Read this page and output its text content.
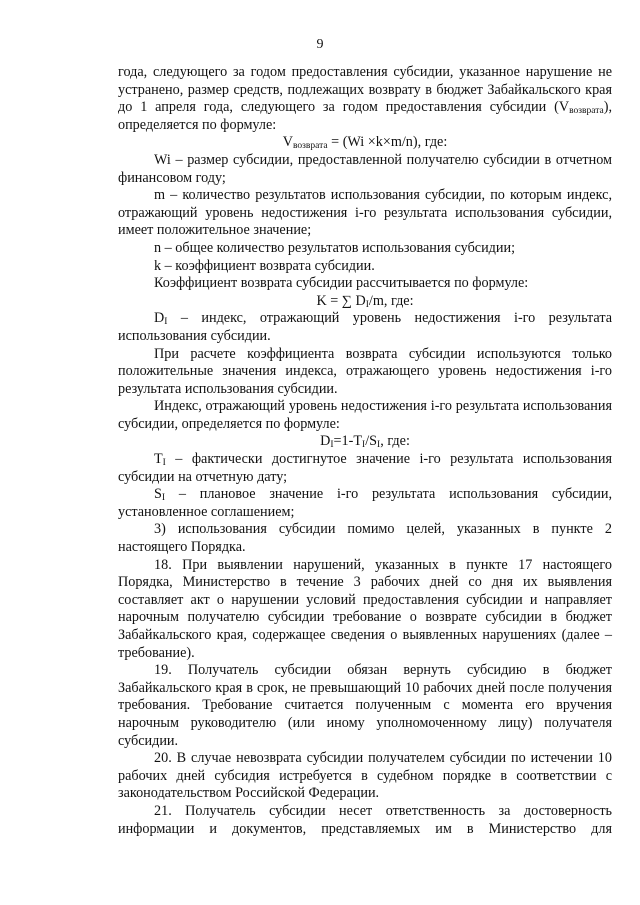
9

года, следующего за годом предоставления субсидии, указанное нарушение не устранено, размер средств, подлежащих возврату в бюджет Забайкальского края до 1 апреля года, следующего за годом предоставления субсидии $(V_{возврата})$, определяется по формуле:

$V_{возврата} = (Wi \times k\times m/n)$, где:

Wi – размер субсидии, предоставленной получателю субсидии в отчетном финансовом году;

m – количество результатов использования субсидии, по которым индекс, отражающий уровень недостижения i-го результата использования субсидии, имеет положительное значение;

n – общее количество результатов использования субсидии;

k – коэффициент возврата субсидии.

Коэффициент возврата субсидии рассчитывается по формуле:

K = ∑ $D_I/m$, где:

$D_I$ – индекс, отражающий уровень недостижения i-го результата использования субсидии.

При расчете коэффициента возврата субсидии используются только положительные значения индекса, отражающего уровень недостижения i-го результата использования субсидии.

Индекс, отражающий уровень недостижения i-го результата использования субсидии, определяется по формуле:

$D_I=1-T_I/S_I$, где:

$T_I$ – фактически достигнутое значение i-го результата использования субсидии на отчетную дату;

$S_I$ – плановое значение i-го результата использования субсидии, установленное соглашением;

3) использования субсидии помимо целей, указанных в пункте 2 настоящего Порядка.

18. При выявлении нарушений, указанных в пункте 17 настоящего Порядка, Министерство в течение 3 рабочих дней со дня их выявления составляет акт о нарушении условий предоставления субсидии и направляет нарочным получателю субсидии требование о возврате субсидии в бюджет Забайкальского края, содержащее сведения о выявленных нарушениях (далее – требование).

19. Получатель субсидии обязан вернуть субсидию в бюджет Забайкальского края в срок, не превышающий 10 рабочих дней после получения требования. Требование считается полученным с момента его вручения нарочным руководителю (или иному уполномоченному лицу) получателя субсидии.

20. В случае невозврата субсидии получателем субсидии по истечении 10 рабочих дней субсидия истребуется в судебном порядке в соответствии с законодательством Российской Федерации.

21. Получатель субсидии несет ответственность за достоверность информации и документов, представляемых им в Министерство для
